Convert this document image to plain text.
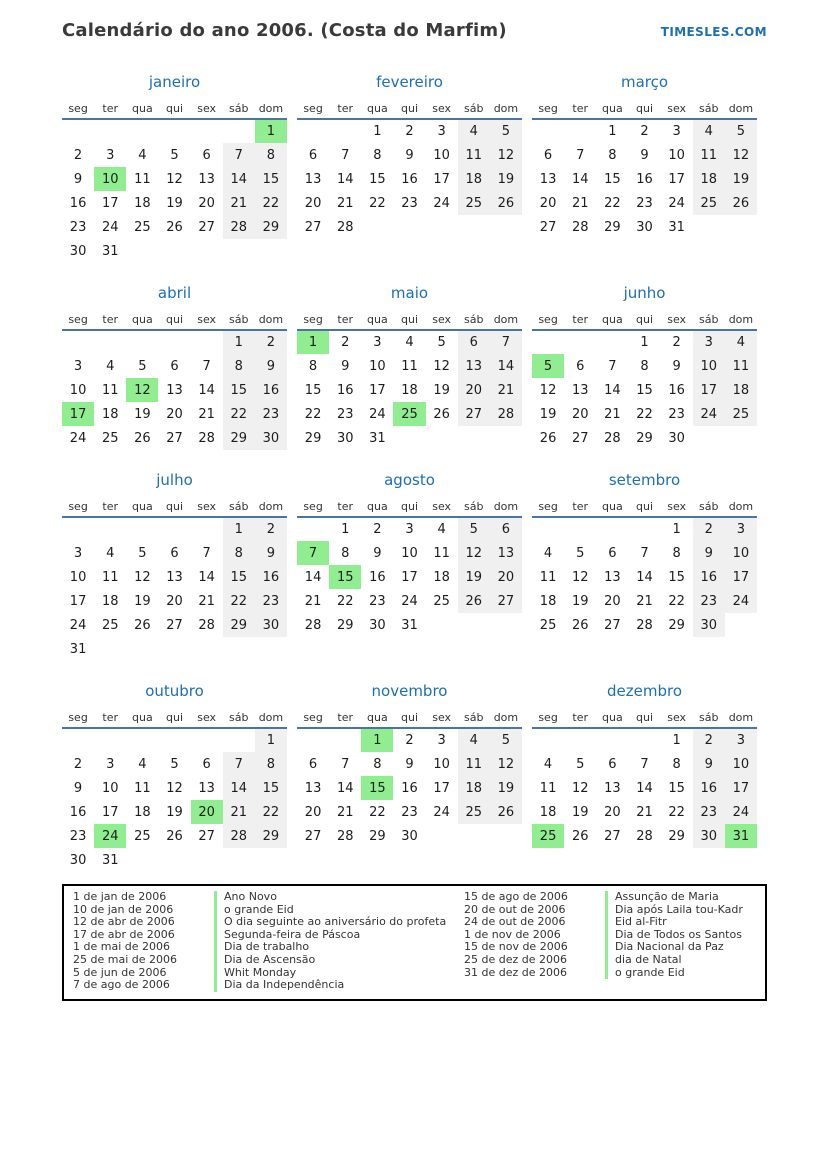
Calendário do ano 2006. (Costa do Marfim)	TIMESLES.COM
janeiro
seg	ter	qua	qui	sex	sáb	dom
						1
2	3	4	5	6	7	8
9	10	11	12	13	14	15
16	17	18	19	20	21	22
23	24	25	26	27	28	29
30	31					
fevereiro
seg	ter	qua	qui	sex	sáb	dom
		1	2	3	4	5
6	7	8	9	10	11	12
13	14	15	16	17	18	19
20	21	22	23	24	25	26
27	28					
março
seg	ter	qua	qui	sex	sáb	dom
		1	2	3	4	5
6	7	8	9	10	11	12
13	14	15	16	17	18	19
20	21	22	23	24	25	26
27	28	29	30	31		
abril
seg	ter	qua	qui	sex	sáb	dom
					1	2
3	4	5	6	7	8	9
10	11	12	13	14	15	16
17	18	19	20	21	22	23
24	25	26	27	28	29	30
maio
seg	ter	qua	qui	sex	sáb	dom
1	2	3	4	5	6	7
8	9	10	11	12	13	14
15	16	17	18	19	20	21
22	23	24	25	26	27	28
29	30	31				
junho
seg	ter	qua	qui	sex	sáb	dom
			1	2	3	4
5	6	7	8	9	10	11
12	13	14	15	16	17	18
19	20	21	22	23	24	25
26	27	28	29	30		
julho
seg	ter	qua	qui	sex	sáb	dom
					1	2
3	4	5	6	7	8	9
10	11	12	13	14	15	16
17	18	19	20	21	22	23
24	25	26	27	28	29	30
31						
agosto
seg	ter	qua	qui	sex	sáb	dom
	1	2	3	4	5	6
7	8	9	10	11	12	13
14	15	16	17	18	19	20
21	22	23	24	25	26	27
28	29	30	31			
setembro
seg	ter	qua	qui	sex	sáb	dom
				1	2	3
4	5	6	7	8	9	10
11	12	13	14	15	16	17
18	19	20	21	22	23	24
25	26	27	28	29	30	
outubro
seg	ter	qua	qui	sex	sáb	dom
						1
2	3	4	5	6	7	8
9	10	11	12	13	14	15
16	17	18	19	20	21	22
23	24	25	26	27	28	29
30	31					
novembro
seg	ter	qua	qui	sex	sáb	dom
		1	2	3	4	5
6	7	8	9	10	11	12
13	14	15	16	17	18	19
20	21	22	23	24	25	26
27	28	29	30			
dezembro
seg	ter	qua	qui	sex	sáb	dom
				1	2	3
4	5	6	7	8	9	10
11	12	13	14	15	16	17
18	19	20	21	22	23	24
25	26	27	28	29	30	31
1 de jan de 2006	Ano Novo
10 de jan de 2006	o grande Eid
12 de abr de 2006	O dia seguinte ao aniversário do profeta
17 de abr de 2006	Segunda-feira de Páscoa
1 de mai de 2006	Dia de trabalho
25 de mai de 2006	Dia de Ascensão
5 de jun de 2006	Whit Monday
7 de ago de 2006	Dia da Independência
15 de ago de 2006	Assunção de Maria
20 de out de 2006	Dia após Laila tou-Kadr
24 de out de 2006	Eid al-Fitr
1 de nov de 2006	Dia de Todos os Santos
15 de nov de 2006	Dia Nacional da Paz
25 de dez de 2006	dia de Natal
31 de dez de 2006	o grande Eid
